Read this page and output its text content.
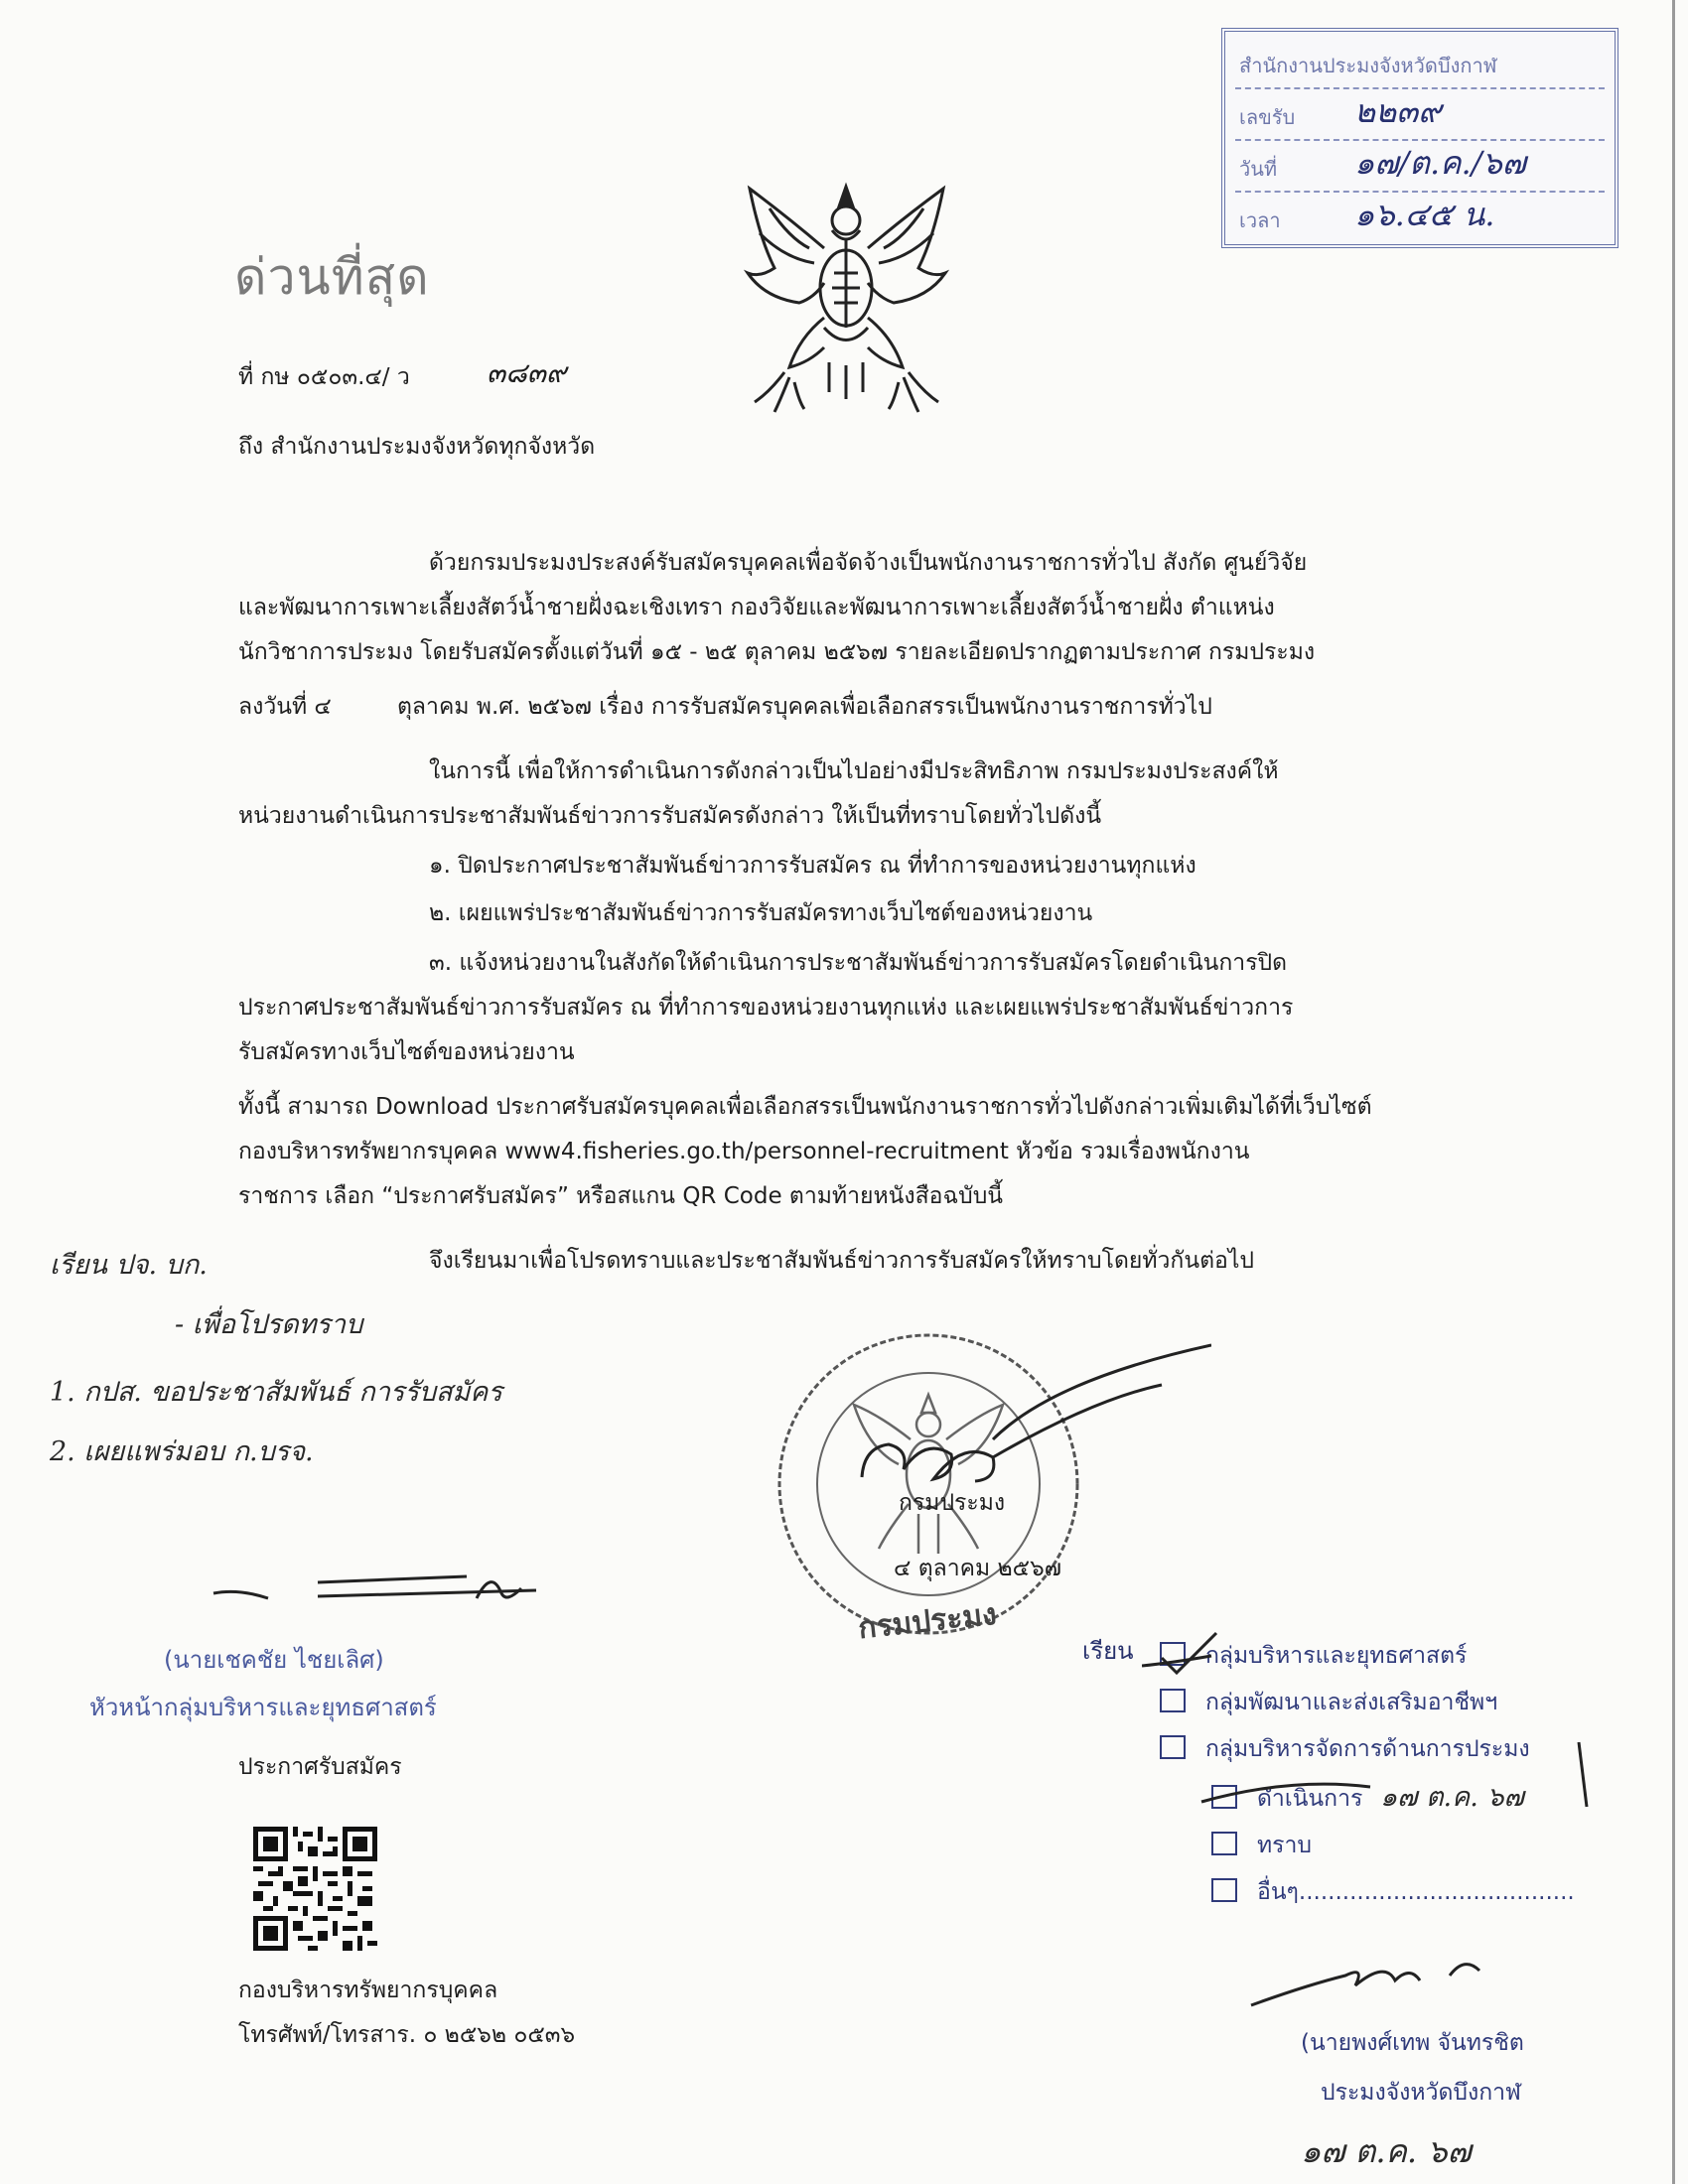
สำนักงานประมงจังหวัดบึงกาฬ
เลขรับ ๒๒๓๙
วันที่ ๑๗/ต.ค./๖๗
เวลา ๑๖.๔๕ น.
ด่วนที่สุด
ที่ กษ ๐๕๐๓.๔/ ว	๓๘๓๙
ถึง สำนักงานประมงจังหวัดทุกจังหวัด
ด้วยกรมประมงประสงค์รับสมัครบุคคลเพื่อจัดจ้างเป็นพนักงานราชการทั่วไป สังกัด ศูนย์วิจัย
และพัฒนาการเพาะเลี้ยงสัตว์น้ำชายฝั่งฉะเชิงเทรา กองวิจัยและพัฒนาการเพาะเลี้ยงสัตว์น้ำชายฝั่ง ตำแหน่ง
นักวิชาการประมง โดยรับสมัครตั้งแต่วันที่ ๑๕ - ๒๕ ตุลาคม ๒๕๖๗ รายละเอียดปรากฏตามประกาศ กรมประมง
ลงวันที่ ๔	ตุลาคม พ.ศ. ๒๕๖๗ เรื่อง การรับสมัครบุคคลเพื่อเลือกสรรเป็นพนักงานราชการทั่วไป
ในการนี้ เพื่อให้การดำเนินการดังกล่าวเป็นไปอย่างมีประสิทธิภาพ กรมประมงประสงค์ให้
หน่วยงานดำเนินการประชาสัมพันธ์ข่าวการรับสมัครดังกล่าว ให้เป็นที่ทราบโดยทั่วไปดังนี้
๑. ปิดประกาศประชาสัมพันธ์ข่าวการรับสมัคร ณ ที่ทำการของหน่วยงานทุกแห่ง
๒. เผยแพร่ประชาสัมพันธ์ข่าวการรับสมัครทางเว็บไซต์ของหน่วยงาน
๓. แจ้งหน่วยงานในสังกัดให้ดำเนินการประชาสัมพันธ์ข่าวการรับสมัครโดยดำเนินการปิด
ประกาศประชาสัมพันธ์ข่าวการรับสมัคร ณ ที่ทำการของหน่วยงานทุกแห่ง และเผยแพร่ประชาสัมพันธ์ข่าวการ
รับสมัครทางเว็บไซต์ของหน่วยงาน
ทั้งนี้ สามารถ Download ประกาศรับสมัครบุคคลเพื่อเลือกสรรเป็นพนักงานราชการทั่วไปดังกล่าวเพิ่มเติมได้ที่เว็บไซต์
กองบริหารทรัพยากรบุคคล www4.fisheries.go.th/personnel-recruitment หัวข้อ รวมเรื่องพนักงาน
ราชการ เลือก “ประกาศรับสมัคร” หรือสแกน QR Code ตามท้ายหนังสือฉบับนี้
จึงเรียนมาเพื่อโปรดทราบและประชาสัมพันธ์ข่าวการรับสมัครให้ทราบโดยทั่วกันต่อไป
เรียน ปจ. บก.
- เพื่อโปรดทราบ
1. กปส. ขอประชาสัมพันธ์ การรับสมัคร
2. เผยแพร่มอบ ก.บรจ.
กรมประมง
กรมประมง
๔ ตุลาคม ๒๕๖๗
(นายเชคชัย ไชยเลิศ)
หัวหน้ากลุ่มบริหารและยุทธศาสตร์
ประกาศรับสมัคร
กองบริหารทรัพยากรบุคคล
โทรศัพท์/โทรสาร. ๐ ๒๕๖๒ ๐๕๓๖
เรียน	กลุ่มบริหารและยุทธศาสตร์
กลุ่มพัฒนาและส่งเสริมอาชีพฯ
กลุ่มบริหารจัดการด้านการประมง
ดำเนินการ
ทราบ
อื่นๆ......................................
๑๗ ต.ค. ๖๗
(นายพงศ์เทพ จันทรชิต
ประมงจังหวัดบึงกาฬ
๑๗ ต.ค. ๖๗
